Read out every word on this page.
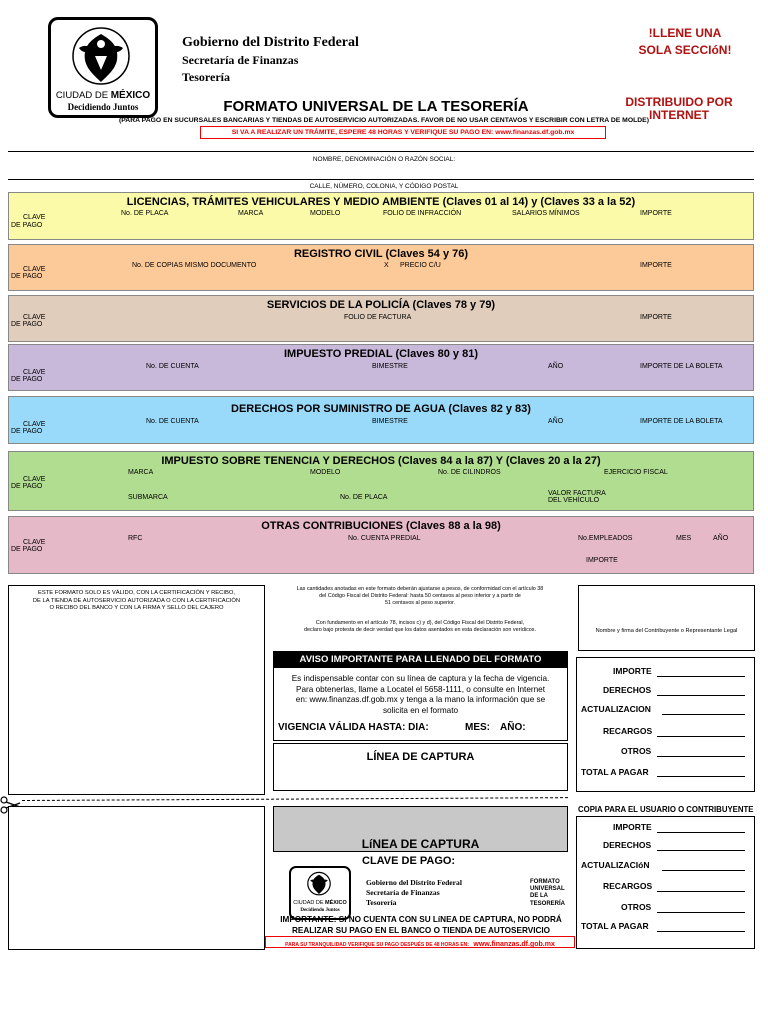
CIUDAD DE MÉXICO
Decidiendo Juntos
Gobierno del Distrito Federal
Secretaría de Finanzas
Tesorería
!LLENE UNA
SOLA SECCIóN!
DISTRIBUIDO POR
INTERNET
FORMATO UNIVERSAL DE LA TESORERÍA
(PARA PAGO EN SUCURSALES BANCARIAS Y TIENDAS DE AUTOSERVICIO AUTORIZADAS. FAVOR DE NO USAR CENTAVOS Y ESCRIBIR CON LETRA DE MOLDE)
SI VA A REALIZAR UN TRÁMITE, ESPERE 48 HORAS Y VERIFIQUE SU PAGO EN: www.finanzas.df.gob.mx
NOMBRE, DENOMINACIÓN O RAZÓN SOCIAL:
CALLE, NÚMERO, COLONIA, Y CÓDIGO POSTAL
LICENCIAS, TRÁMITES VEHICULARES Y MEDIO AMBIENTE (Claves 01 al 14) y (Claves 33 a la 52)
CLAVE
DE PAGO
No. DE PLACA	MARCA	MODELO	FOLIO DE INFRACCIÓN	SALARIOS MÍNIMOS	IMPORTE
REGISTRO CIVIL (Claves 54 y 76)
CLAVE
DE PAGO
No. DE COPIAS MISMO DOCUMENTO	X PRECIO C/U	IMPORTE
SERVICIOS DE LA POLICÍA (Claves 78 y 79)
CLAVE
DE PAGO
FOLIO DE FACTURA	IMPORTE
IMPUESTO PREDIAL (Claves 80 y 81)
CLAVE
DE PAGO
No. DE CUENTA	BIMESTRE	AÑO	IMPORTE DE LA BOLETA
DERECHOS POR SUMINISTRO DE AGUA (Claves 82 y 83)
CLAVE
DE PAGO
No. DE CUENTA	BIMESTRE	AÑO	IMPORTE DE LA BOLETA
IMPUESTO SOBRE TENENCIA Y DERECHOS (Claves 84 a la 87) Y (Claves 20 a la 27)
CLAVE
DE PAGO
MARCA	MODELO	No. DE CILINDROS	EJERCICIO FISCAL
SUBMARCA	No. DE PLACA
VALOR FACTURA
DEL VEHÍCULO
OTRAS CONTRIBUCIONES (Claves 88 a la 98)
CLAVE
DE PAGO
RFC	No. CUENTA PREDIAL	No.EMPLEADOS	MES	AÑO
IMPORTE
ESTE FORMATO SOLO ES VÁLIDO, CON LA CERTIFICACIÓN Y RECIBO,
DE LA TIENDA DE AUTOSERVICIO AUTORIZADA O CON LA CERTIFICACIÓN
O RECIBO DEL BANCO Y CON LA FIRMA Y SELLO DEL CAJERO
Las cantidades anotadas en este formato deberán ajustarse a pesos, de conformidad con el artículo 38
del Código Fiscal del Distrito Federal: hasta 50 centavos al peso inferior y a partir de
51 centavos al peso superior.
Con fundamento en el artículo 78, incisos c) y d), del Código Fiscal del Distrito Federal,
declaro bajo protesta de decir verdad que los datos asentados en esta declaración son verídicos.	Nombre y firma del Contribuyente o Representante Legal
AVISO IMPORTANTE PARA LLENADO DEL FORMATO
Es indispensable contar con su línea de captura y la fecha de vigencia.
Para obtenerlas, llame a Locatel el 5658-1111, o consulte en Internet
en: www.finanzas.df.gob.mx y tenga a la mano la información que se
solicita en el formato
VIGENCIA VÁLIDA HASTA: DIA:	MES: AÑO:
LÍNEA DE CAPTURA
IMPORTE
DERECHOS
ACTUALIZACION
RECARGOS
OTROS
TOTAL A PAGAR
COPIA PARA EL USUARIO O CONTRIBUYENTE
LíNEA DE CAPTURA
CLAVE DE PAGO:
CIUDAD DE MÉXICO
Decidiendo Juntos
Gobierno del Distrito Federal
Secretaría de Finanzas
Tesorería
FORMATO
UNIVERSAL
DE LA
TESORERÍA
IMPORTANTE: SI NO CUENTA CON SU LíNEA DE CAPTURA, NO PODRÁ
REALIZAR SU PAGO EN EL BANCO O TIENDA DE AUTOSERVICIO
PARA SU TRANQUILIDAD VERIFIQUE SU PAGO DESPUÉS DE 48 HORAS EN: www.finanzas.df.gob.mx
IMPORTE
DERECHOS
ACTUALIZACIóN
RECARGOS
OTROS
TOTAL A PAGAR
